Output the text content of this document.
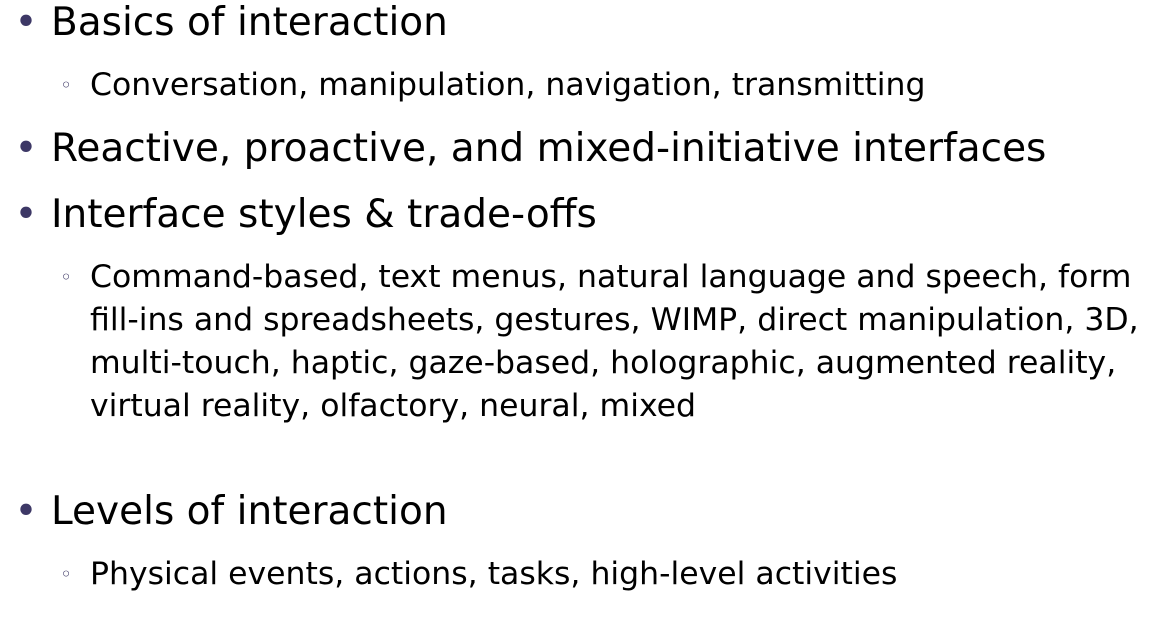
• Basics of interaction
◦ Conversation, manipulation, navigation, transmitting
• Reactive, proactive, and mixed-initiative interfaces
• Interface styles & trade-offs
◦ Command-based, text menus, natural language and speech, form fill-ins and spreadsheets, gestures, WIMP, direct manipulation, 3D, multi-touch, haptic, gaze-based, holographic, augmented reality, virtual reality, olfactory, neural, mixed
• Levels of interaction
◦ Physical events, actions, tasks, high-level activities
